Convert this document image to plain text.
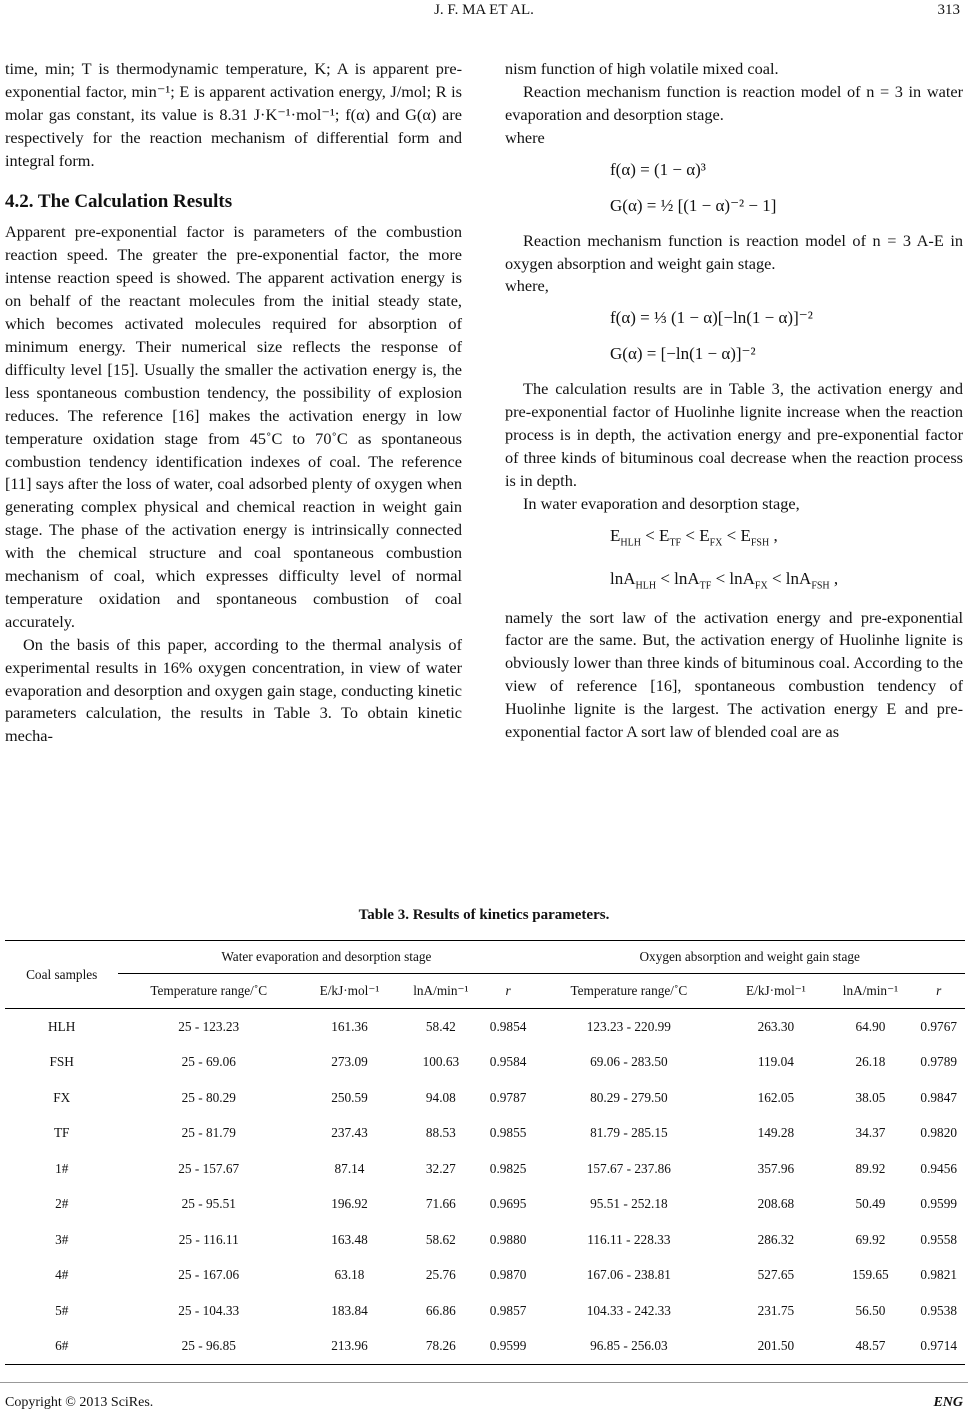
J. F. MA ET AL.	313

time, min; T is thermodynamic temperature, K; A is apparent pre-exponential factor, min⁻¹; E is apparent activation energy, J/mol; R is molar gas constant, its value is 8.31 J·K⁻¹·mol⁻¹; f(α) and G(α) are respectively for the reaction mechanism of differential form and integral form.

4.2. The Calculation Results

Apparent pre-exponential factor is parameters of the combustion reaction speed. The greater the pre-exponential factor, the more intense reaction speed is showed. The apparent activation energy is on behalf of the reactant molecules from the initial steady state, which becomes activated molecules required for absorption of minimum energy. Their numerical size reflects the response of difficulty level [15]. Usually the smaller the activation energy is, the less spontaneous combustion tendency, the possibility of explosion reduces. The reference [16] makes the activation energy in low temperature oxidation stage from 45˚C to 70˚C as spontaneous combustion tendency identification indexes of coal. The reference [11] says after the loss of water, coal adsorbed plenty of oxygen when generating complex physical and chemical reaction in weight gain stage. The phase of the activation energy is intrinsically connected with the chemical structure and coal spontaneous combustion mechanism of coal, which expresses difficulty level of normal temperature oxidation and spontaneous combustion of coal accurately.

On the basis of this paper, according to the thermal analysis of experimental results in 16% oxygen concentration, in view of water evaporation and desorption and oxygen gain stage, conducting kinetic parameters calculation, the results in Table 3. To obtain kinetic mecha-

nism function of high volatile mixed coal.

Reaction mechanism function is reaction model of n = 3 in water evaporation and desorption stage.

where

f(α) = (1 − α)³
G(α) = ½ [(1 − α)⁻² − 1]

Reaction mechanism function is reaction model of n = 3 A-E in oxygen absorption and weight gain stage.

where,

f(α) = ⅓ (1 − α)[−ln(1 − α)]⁻²
G(α) = [−ln(1 − α)]⁻²

The calculation results are in Table 3, the activation energy and pre-exponential factor of Huolinhe lignite increase when the reaction process is in depth, the activation energy and pre-exponential factor of three kinds of bituminous coal decrease when the reaction process is in depth.

In water evaporation and desorption stage,

$E_{HLH} < E_{TF} < E_{FX} < E_{FSH}$ ,
lnA$_{HLH}$ < lnA$_{TF}$ < lnA$_{FX}$ < lnA$_{FSH}$ ,

namely the sort law of the activation energy and pre-exponential factor are the same. But, the activation energy of Huolinhe lignite is obviously lower than three kinds of bituminous coal. According to the view of reference [16], spontaneous combustion tendency of Huolinhe lignite is the largest. The activation energy E and pre-exponential factor A sort law of blended coal are as

Table 3. Results of kinetics parameters.
Coal samples	Water evaporation and desorption stage				Oxygen absorption and weight gain stage			
	Temperature range/˚C	E/kJ·mol⁻¹	lnA/min⁻¹	r	Temperature range/˚C	E/kJ·mol⁻¹	lnA/min⁻¹	r
HLH	25 - 123.23	161.36	58.42	0.9854	123.23 - 220.99	263.30	64.90	0.9767
FSH	25 - 69.06	273.09	100.63	0.9584	69.06 - 283.50	119.04	26.18	0.9789
FX	25 - 80.29	250.59	94.08	0.9787	80.29 - 279.50	162.05	38.05	0.9847
TF	25 - 81.79	237.43	88.53	0.9855	81.79 - 285.15	149.28	34.37	0.9820
1#	25 - 157.67	87.14	32.27	0.9825	157.67 - 237.86	357.96	89.92	0.9456
2#	25 - 95.51	196.92	71.66	0.9695	95.51 - 252.18	208.68	50.49	0.9599
3#	25 - 116.11	163.48	58.62	0.9880	116.11 - 228.33	286.32	69.92	0.9558
4#	25 - 167.06	63.18	25.76	0.9870	167.06 - 238.81	527.65	159.65	0.9821
5#	25 - 104.33	183.84	66.86	0.9857	104.33 - 242.33	231.75	56.50	0.9538
6#	25 - 96.85	213.96	78.26	0.9599	96.85 - 256.03	201.50	48.57	0.9714
Copyright © 2013 SciRes.	ENG
